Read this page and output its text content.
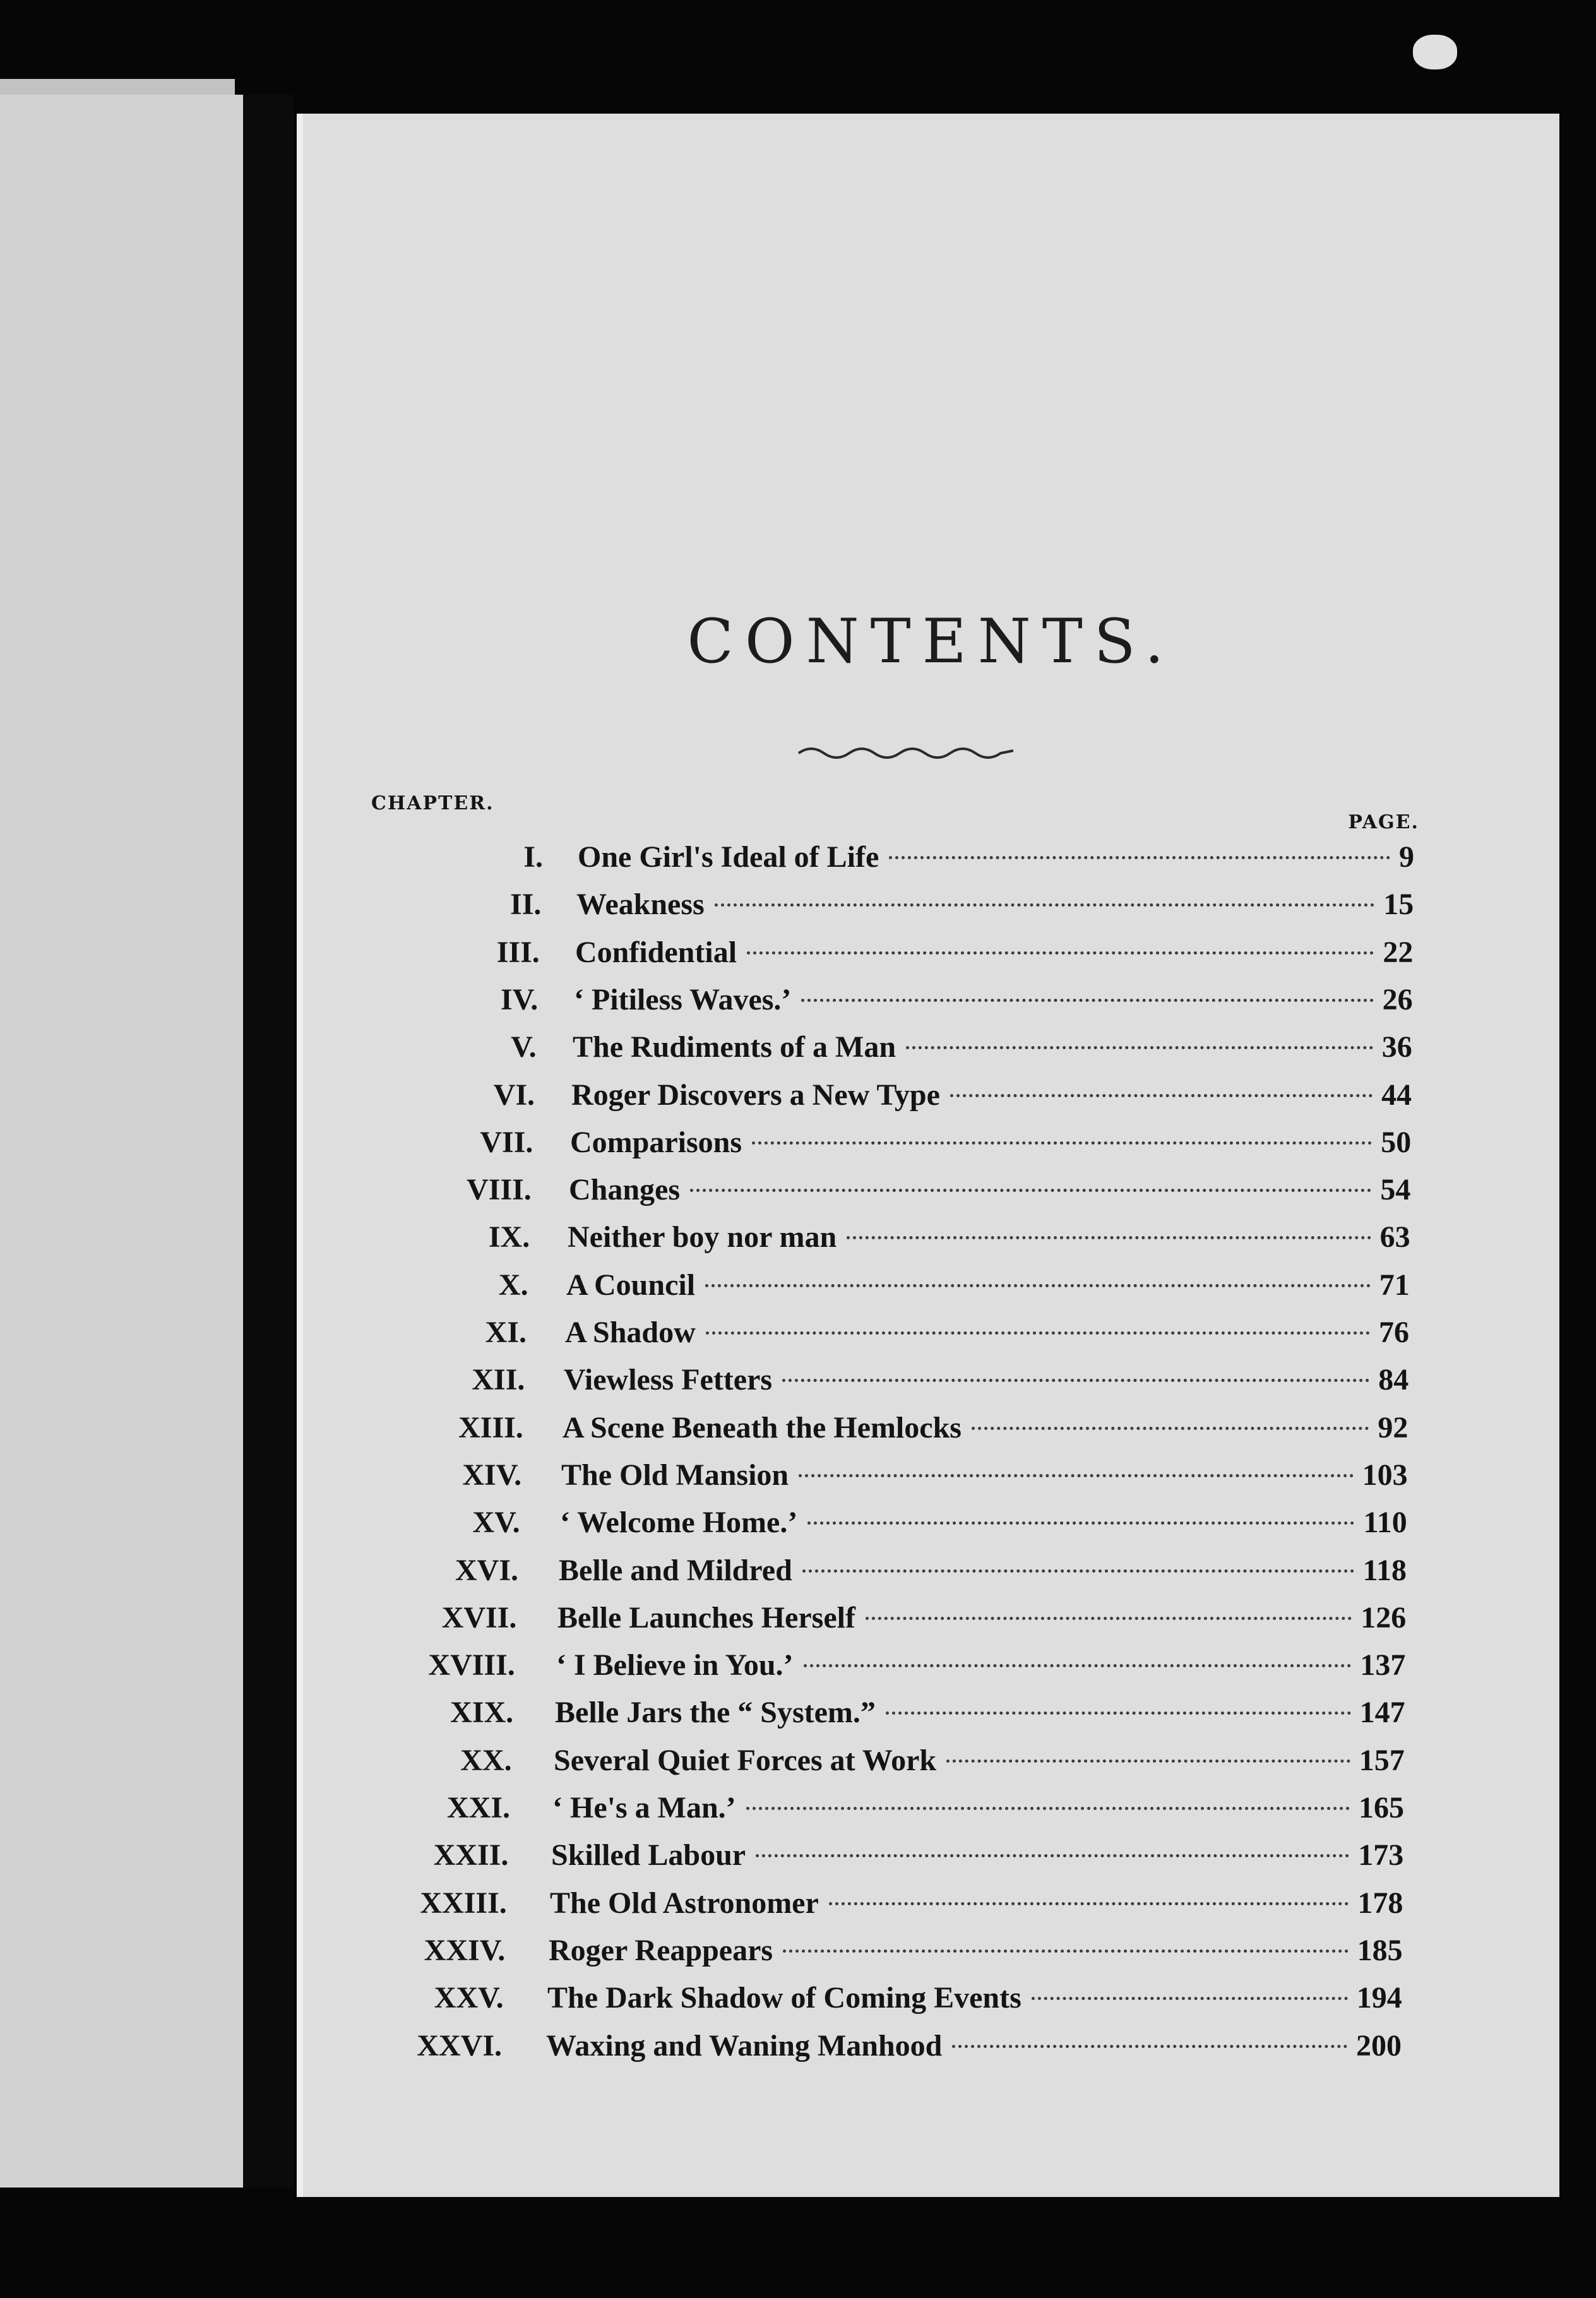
CONTENTS.
CHAPTER.
PAGE.
I. One Girl's Ideal of Life	9
II. Weakness	15
III. Confidential	22
IV. ‘ Pitiless Waves.’	26
V. The Rudiments of a Man	36
VI. Roger Discovers a New Type	44
VII. Comparisons	50
VIII. Changes	54
IX. Neither boy nor man	63
X. A Council	71
XI. A Shadow	76
XII. Viewless Fetters	84
XIII. A Scene Beneath the Hemlocks	92
XIV. The Old Mansion	103
XV. ‘ Welcome Home.’	110
XVI. Belle and Mildred	118
XVII. Belle Launches Herself	126
XVIII. ‘ I Believe in You.’	137
XIX. Belle Jars the “ System.”	147
XX. Several Quiet Forces at Work	157
XXI. ‘ He's a Man.’	165
XXII. Skilled Labour	173
XXIII. The Old Astronomer	178
XXIV. Roger Reappears	185
XXV. The Dark Shadow of Coming Events	194
XXVI. Waxing and Waning Manhood	200
